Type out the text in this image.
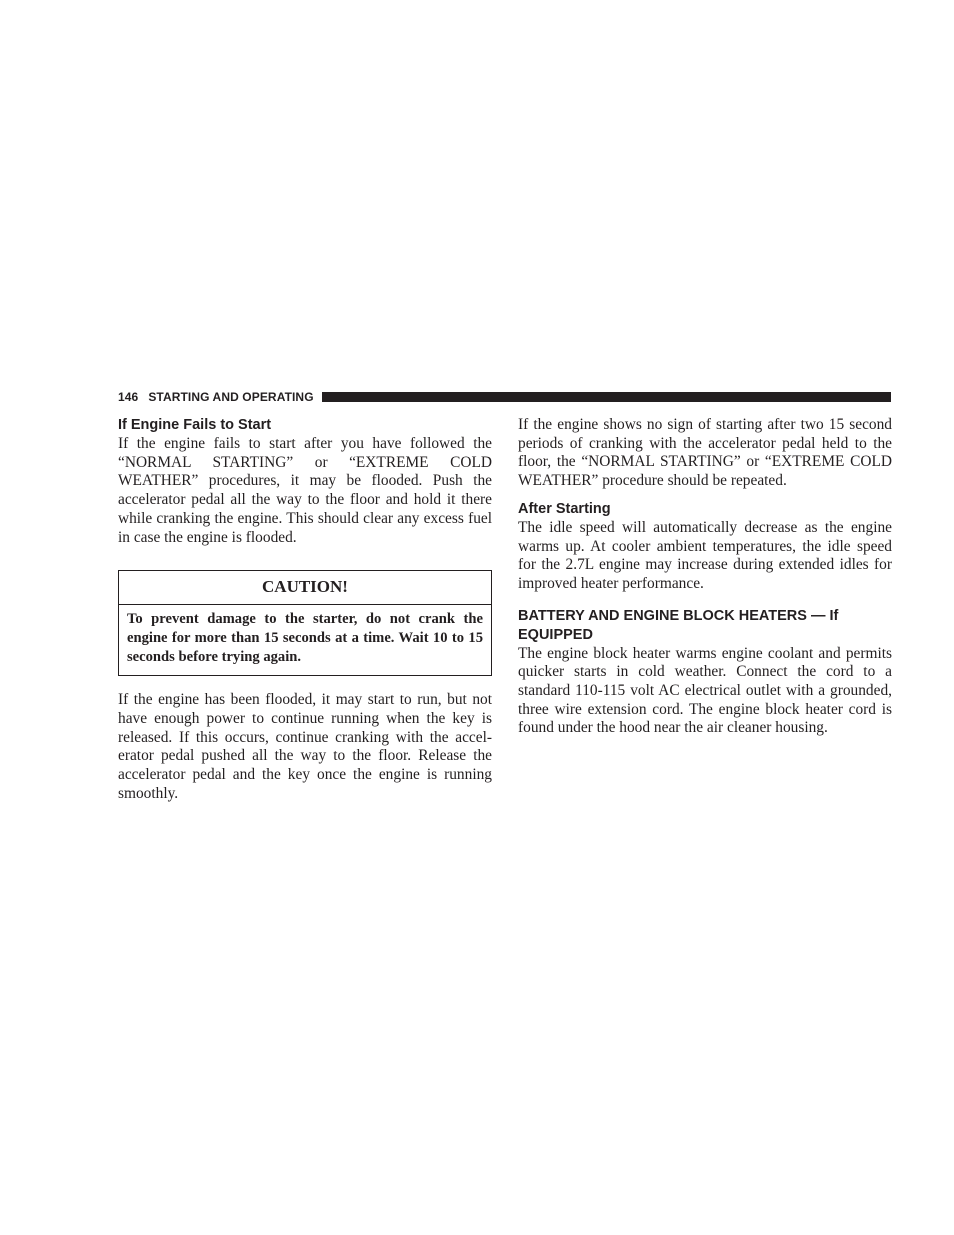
146 STARTING AND OPERATING
If Engine Fails to Start

If the engine fails to start after you have followed the “NORMAL STARTING” or “EXTREME COLD WEATHER” procedures, it may be flooded. Push the accelerator pedal all the way to the floor and hold it there while cranking the engine. This should clear any excess fuel in case the engine is flooded.

CAUTION!
To prevent damage to the starter, do not crank the engine for more than 15 seconds at a time. Wait 10 to 15 seconds before trying again.

If the engine has been flooded, it may start to run, but not have enough power to continue running when the key is released. If this occurs, continue cranking with the accelerator pedal pushed all the way to the floor. Release the accelerator pedal and the key once the engine is running smoothly.

If the engine shows no sign of starting after two 15 second periods of cranking with the accelerator pedal held to the floor, the “NORMAL STARTING” or “EXTREME COLD WEATHER” procedure should be repeated.

After Starting

The idle speed will automatically decrease as the engine warms up. At cooler ambient temperatures, the idle speed for the 2.7L engine may increase during extended idles for improved heater performance.

BATTERY AND ENGINE BLOCK HEATERS — If EQUIPPED

The engine block heater warms engine coolant and permits quicker starts in cold weather. Connect the cord to a standard 110-115 volt AC electrical outlet with a grounded, three wire extension cord. The engine block heater cord is found under the hood near the air cleaner housing.
